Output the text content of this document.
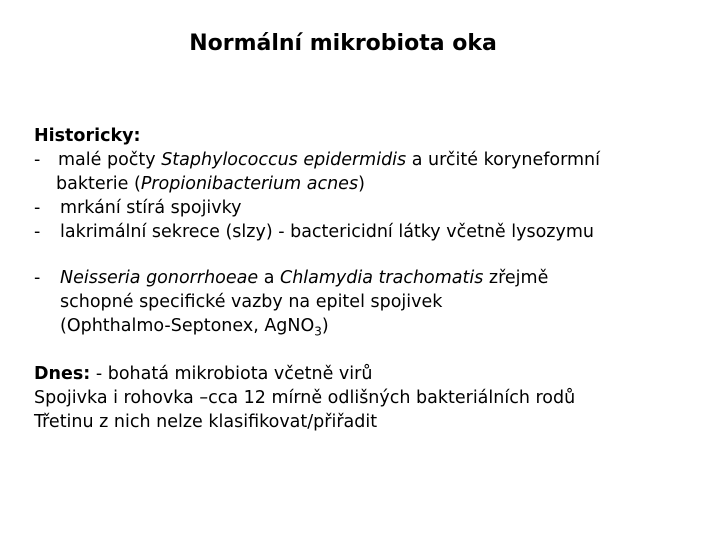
Normální mikrobiota oka
Historicky:
- malé počty Staphylococcus epidermidis a určité koryneformní
bakterie (Propionibacterium acnes)
- mrkání stírá spojivky
- lakrimální sekrece (slzy) - bactericidní látky včetně lysozymu
- Neisseria gonorrhoeae a Chlamydia trachomatis zřejmě
schopné specifické vazby na epitel spojivek
(Ophthalmo-Septonex, AgNO$_3$)
Dnes: - bohatá mikrobiota včetně virů
Spojivka i rohovka –cca 12 mírně odlišných bakteriálních rodů
Třetinu z nich nelze klasifikovat/přiřadit
